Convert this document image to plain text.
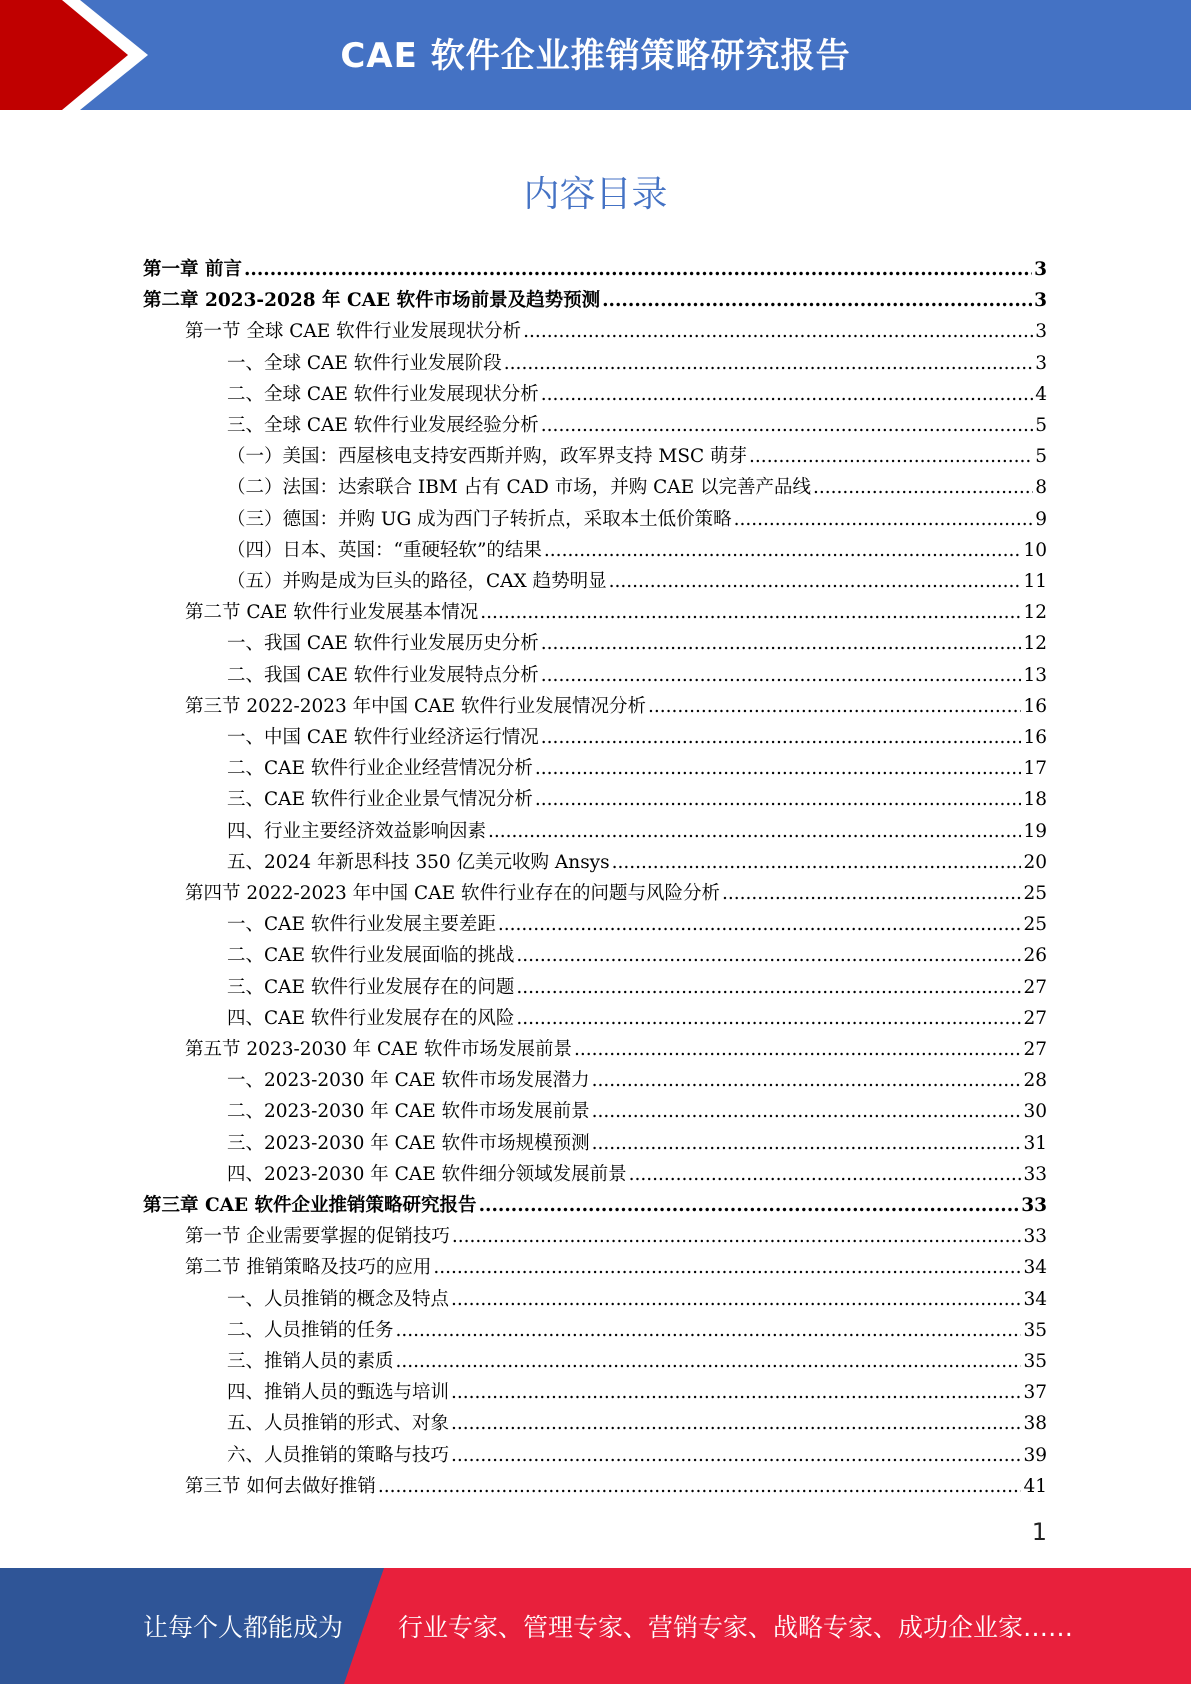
CAE 软件企业推销策略研究报告
内容目录
第一章 前言 .....	3
第二章 2023-2028 年 CAE 软件市场前景及趋势预测 .....	3
第一节 全球 CAE 软件行业发展现状分析 .....	3
一、全球 CAE 软件行业发展阶段 .....	3
二、全球 CAE 软件行业发展现状分析 .....	4
三、全球 CAE 软件行业发展经验分析 .....	5
（一）美国：西屋核电支持安西斯并购，政军界支持 MSC 萌芽 .....	5
（二）法国：达索联合 IBM 占有 CAD 市场，并购 CAE 以完善产品线 .....	8
（三）德国：并购 UG 成为西门子转折点，采取本土低价策略 .....	9
（四）日本、英国：“重硬轻软”的结果 .....	10
（五）并购是成为巨头的路径，CAX 趋势明显 .....	11
第二节 CAE 软件行业发展基本情况 .....	12
一、我国 CAE 软件行业发展历史分析 .....	12
二、我国 CAE 软件行业发展特点分析 .....	13
第三节 2022-2023 年中国 CAE 软件行业发展情况分析 .....	16
一、中国 CAE 软件行业经济运行情况 .....	16
二、CAE 软件行业企业经营情况分析 .....	17
三、CAE 软件行业企业景气情况分析 .....	18
四、行业主要经济效益影响因素 .....	19
五、2024 年新思科技 350 亿美元收购 Ansys .....	20
第四节 2022-2023 年中国 CAE 软件行业存在的问题与风险分析 .....	25
一、CAE 软件行业发展主要差距 .....	25
二、CAE 软件行业发展面临的挑战 .....	26
三、CAE 软件行业发展存在的问题 .....	27
四、CAE 软件行业发展存在的风险 .....	27
第五节 2023-2030 年 CAE 软件市场发展前景 .....	27
一、2023-2030 年 CAE 软件市场发展潜力 .....	28
二、2023-2030 年 CAE 软件市场发展前景 .....	30
三、2023-2030 年 CAE 软件市场规模预测 .....	31
四、2023-2030 年 CAE 软件细分领域发展前景 .....	33
第三章 CAE 软件企业推销策略研究报告 .....	33
第一节 企业需要掌握的促销技巧 .....	33
第二节 推销策略及技巧的应用 .....	34
一、人员推销的概念及特点 .....	34
二、人员推销的任务 .....	35
三、推销人员的素质 .....	35
四、推销人员的甄选与培训 .....	37
五、人员推销的形式、对象 .....	38
六、人员推销的策略与技巧 .....	39
第三节 如何去做好推销 .....	41
1
让每个人都能成为 行业专家、管理专家、营销专家、战略专家、成功企业家……
